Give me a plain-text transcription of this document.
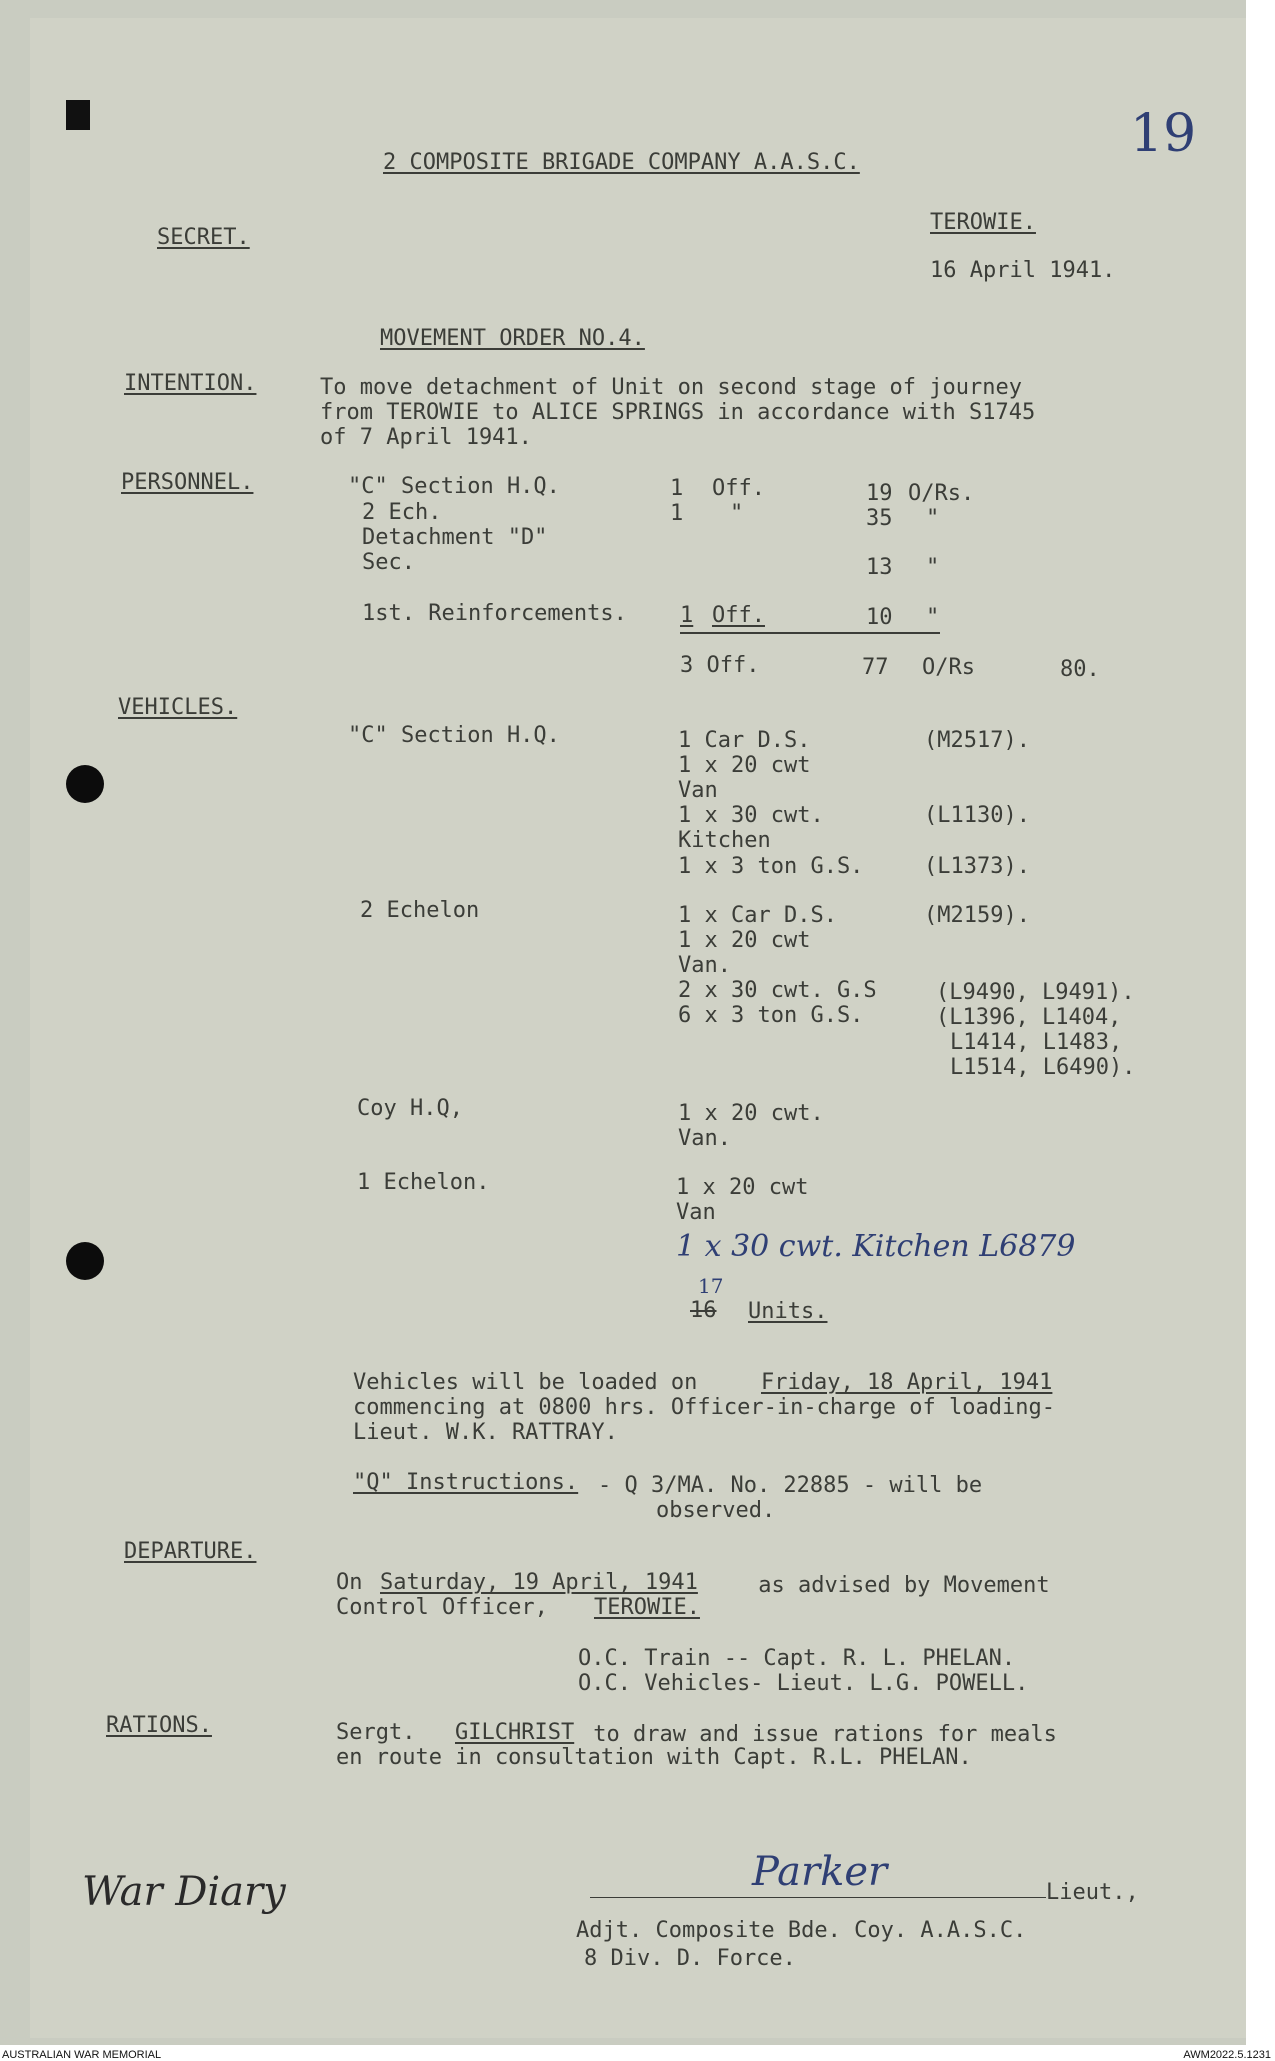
19
2 COMPOSITE BRIGADE COMPANY A.A.S.C.
SECRET.
TEROWIE.
16 April 1941.
MOVEMENT ORDER NO.4.
INTENTION.	To move detachment of Unit on second stage of journey
from TEROWIE to ALICE SPRINGS in accordance with S1745
of 7 April 1941.
PERSONNEL.	"C" Section H.Q.	1 Off.	19 O/Rs.
2 Ech.	1 "	35 "
Detachment "D"
Sec.	13 "
1st. Reinforcements. 1 Off.	10 "
3 Off.	77 O/Rs	80.
VEHICLES.
"C" Section H.Q.	1 Car D.S.	(M2517).
1 x 20 cwt
Van
1 x 30 cwt.	(L1130).
Kitchen
1 x 3 ton G.S.	(L1373).
2 Echelon	1 x Car D.S.	(M2159).
1 x 20 cwt
Van.
2 x 30 cwt. G.S	(L9490, L9491).
6 x 3 ton G.S.	(L1396, L1404,
L1414, L1483,
L1514, L6490).
Coy H.Q,	1 x 20 cwt.
Van.
1 Echelon.	1 x 20 cwt
Van
1 x 30 cwt. Kitchen L6879
17
16 Units.
Vehicles will be loaded on Friday, 18 April, 1941
commencing at 0800 hrs. Officer-in-charge of loading-
Lieut. W.K. RATTRAY.
"Q" Instructions. - Q 3/MA. No. 22885 - will be
observed.
DEPARTURE.
On Saturday, 19 April, 1941 as advised by Movement
Control Officer, TEROWIE.
O.C. Train -- Capt. R. L. PHELAN.
O.C. Vehicles- Lieut. L.G. POWELL.
RATIONS.	Sergt. GILCHRIST to draw and issue rations for meals
en route in consultation with Capt. R.L. PHELAN.
Parker	Lieut.,
Adjt. Composite Bde. Coy. A.A.S.C.
8 Div. D. Force.
War Diary
AUSTRALIAN WAR MEMORIAL	AWM2022.5.1231
